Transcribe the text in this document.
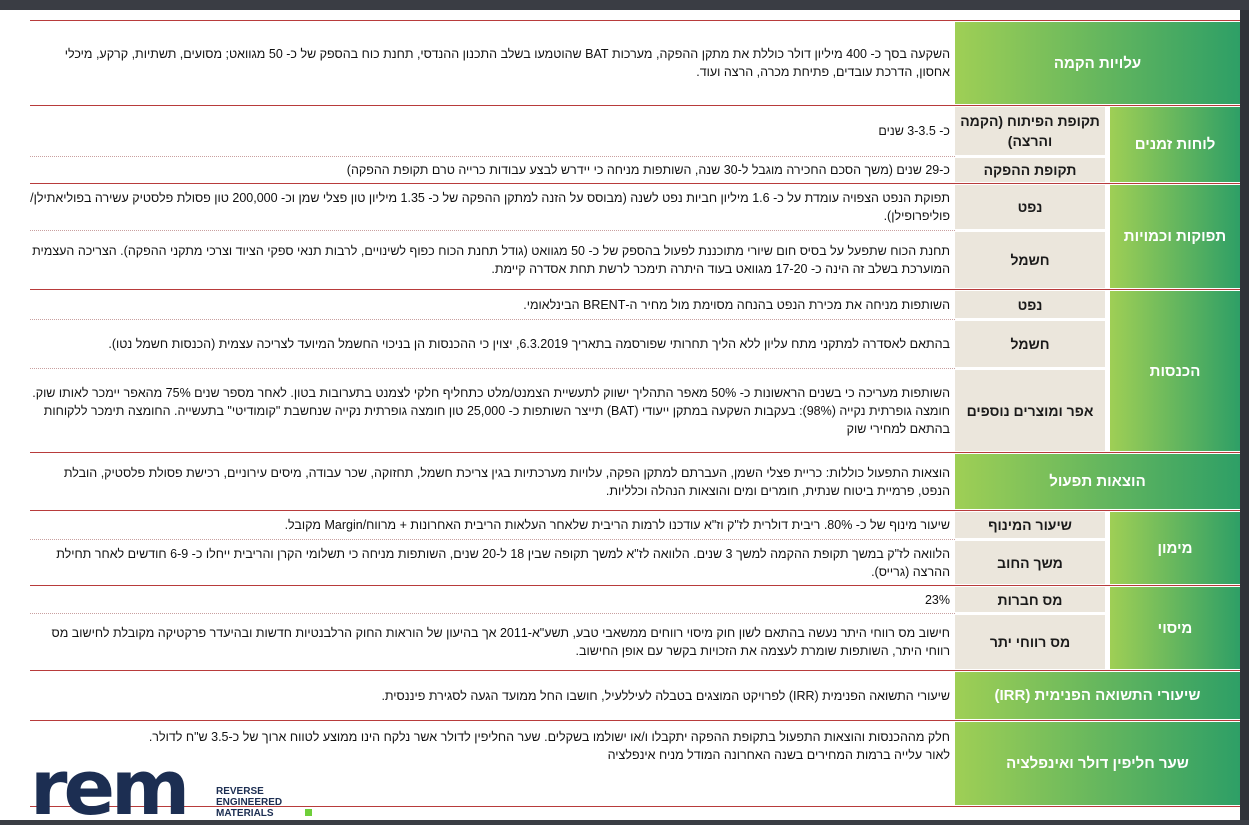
עלויות הקמה
השקעה בסך כ- 400 מיליון דולר כוללת את מתקן ההפקה, מערכות BAT שהוטמעו בשלב התכנון ההנדסי, תחנת כוח בהספק של כ- 50 מגוואט; מסועים, תשתיות, קרקע, מיכלי אחסון, הדרכת עובדים, פתיחת מכרה, הרצה ועוד.
לוחות זמנים
תקופת הפיתוח (הקמה והרצה)
כ- 3-3.5 שנים
תקופת ההפקה
כ-29 שנים (משך הסכם החכירה מוגבל ל-30 שנה, השותפות מניחה כי יידרש לבצע עבודות כרייה טרם תקופת ההפקה)
תפוקות וכמויות
נפט
תפוקת הנפט הצפויה עומדת על כ- 1.6 מיליון חביות נפט לשנה (מבוסס על הזנה למתקן ההפקה של כ- 1.35 מיליון טון פצלי שמן וכ- 200,000 טון פסולת פלסטיק עשירה בפוליאתילן/ פוליפרופילן).
חשמל
תחנת הכוח שתפעל על בסיס חום שיורי מתוכננת לפעול בהספק של כ- 50 מגוואט (גודל תחנת הכוח כפוף לשינויים, לרבות תנאי ספקי הציוד וצרכי מתקני ההפקה). הצריכה העצמית המוערכת בשלב זה הינה כ- 17-20 מגוואט בעוד היתרה תימכר לרשת תחת אסדרה קיימת.
הכנסות
נפט
השותפות מניחה את מכירת הנפט בהנחה מסוימת מול מחיר ה-BRENT הבינלאומי.
חשמל
בהתאם לאסדרה למתקני מתח עליון ללא הליך תחרותי שפורסמה בתאריך 6.3.2019, יצוין כי ההכנסות הן בניכוי החשמל המיועד לצריכה עצמית (הכנסות חשמל נטו).
אפר ומוצרים נוספים
השותפות מעריכה כי בשנים הראשונות כ- 50% מאפר התהליך ישווק לתעשיית הצמנט/מלט כתחליף חלקי לצמנט בתערובות בטון. לאחר מספר שנים 75% מהאפר יימכר לאותו שוק.
חומצה גופרתית נקייה (98%): בעקבות השקעה במתקן ייעודי (BAT) תייצר השותפות כ- 25,000 טון חומצה גופרתית נקייה שנחשבת "קומודיטי" בתעשייה. החומצה תימכר ללקוחות בהתאם למחירי שוק
הוצאות תפעול
הוצאות התפעול כוללות: כריית פצלי השמן, העברתם למתקן הפקה, עלויות מערכתיות בגין צריכת חשמל, תחזוקה, שכר עבודה, מיסים עירוניים, רכישת פסולת פלסטיק, הובלת הנפט, פרמיית ביטוח שנתית, חומרים ומים והוצאות הנהלה וכלליות.
מימון
שיעור המינוף
שיעור מינוף של כ- 80%. ריבית דולרית לז"ק וז"א עודכנו לרמות הריבית שלאחר העלאות הריבית האחרונות + מרווח/Margin מקובל.
משך החוב
הלוואה לז"ק במשך תקופת ההקמה למשך 3 שנים. הלוואה לז"א למשך תקופה שבין 18 ל-20 שנים, השותפות מניחה כי תשלומי הקרן והריבית ייחלו כ- 6-9 חודשים לאחר תחילת ההרצה (גרייס).
מיסוי
מס חברות
23%
מס רווחי יתר
חישוב מס רווחי היתר נעשה בהתאם לשון חוק מיסוי רווחים ממשאבי טבע, תשע"א-2011 אך בהיעון של הוראות החוק הרלבנטיות חדשות ובהיעדר פרקטיקה מקובלת לחישוב מס רווחי היתר, השותפות שומרת לעצמה את הזכויות בקשר עם אופן החישוב.
שיעורי התשואה הפנימית (IRR)
שיעורי התשואה הפנימית (IRR) לפרויקט המוצגים בטבלה לעיללעיל, חושבו החל ממועד הגעה לסגירת פיננסית.
שער חליפין דולר ואינפלציה
חלק מההכנסות והוצאות התפעול בתקופת ההפקה יתקבלו ו/או ישולמו בשקלים. שער החליפין לדולר אשר נלקח הינו ממוצע לטווח ארוך של כ-3.5 ש"ח לדולר.
לאור עלייה ברמות המחירים בשנה האחרונה המודל מניח אינפלציה
rem	REVERSE
ENGINEERED
MATERIALS
